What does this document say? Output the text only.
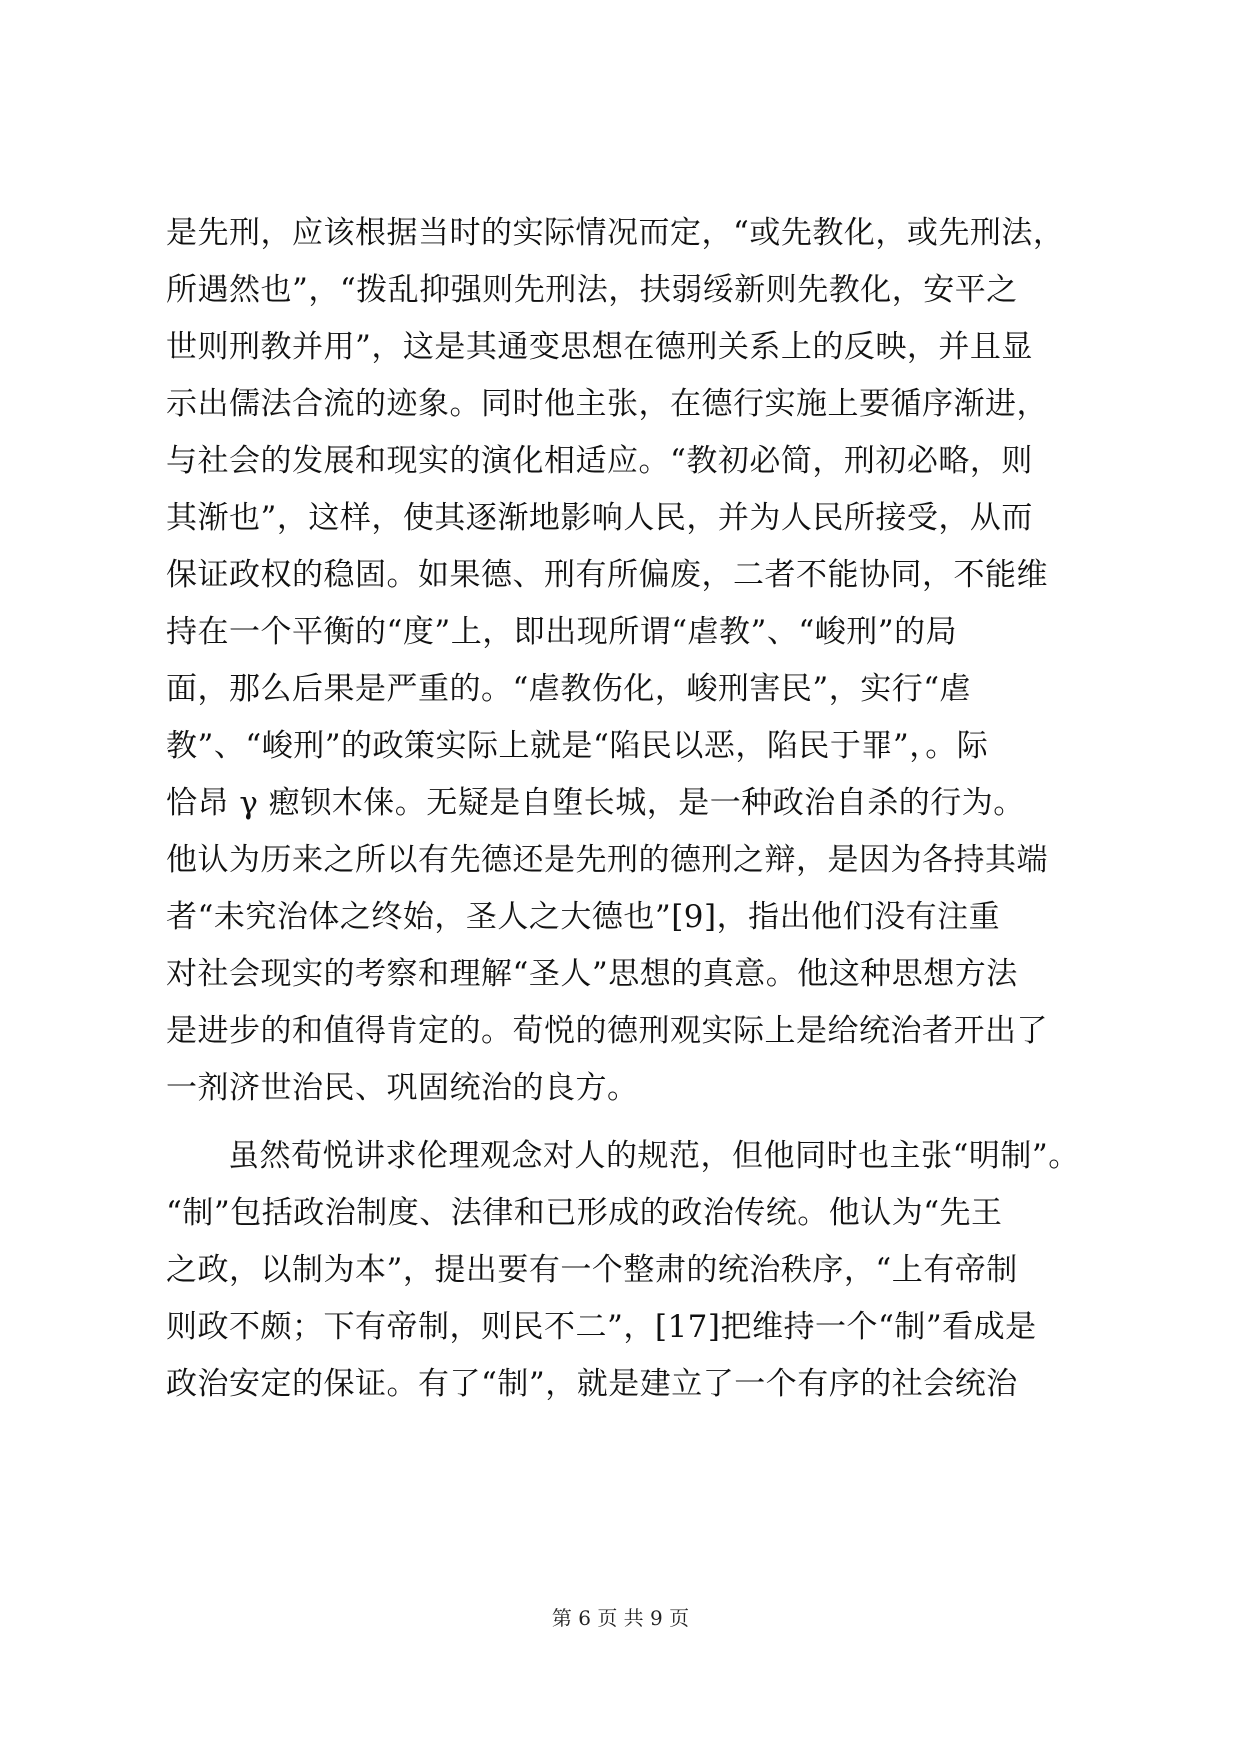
是先刑，应该根据当时的实际情况而定，“或先教化，或先刑法，
所遇然也”，“拨乱抑强则先刑法，扶弱绥新则先教化，安平之
世则刑教并用”，这是其通变思想在德刑关系上的反映，并且显
示出儒法合流的迹象。同时他主张，在德行实施上要循序渐进，
与社会的发展和现实的演化相适应。“教初必简，刑初必略，则
其渐也”，这样，使其逐渐地影响人民，并为人民所接受，从而
保证政权的稳固。如果德、刑有所偏废，二者不能协同，不能维
持在一个平衡的“度”上，即出现所谓“虐教”、“峻刑”的局
面，那么后果是严重的。“虐教伤化，峻刑害民”，实行“虐
教”、“峻刑”的政策实际上就是“陷民以恶，陷民于罪”，。际
恰昂 γ 瘛钡木俫。无疑是自堕长城，是一种政治自杀的行为。
他认为历来之所以有先德还是先刑的德刑之辩，是因为各持其端
者“未究治体之终始，圣人之大德也”[9]，指出他们没有注重
对社会现实的考察和理解“圣人”思想的真意。他这种思想方法
是进步的和值得肯定的。荀悦的德刑观实际上是给统治者开出了
一剂济世治民、巩固统治的良方。
虽然荀悦讲求伦理观念对人的规范，但他同时也主张“明制”。
“制”包括政治制度、法律和已形成的政治传统。他认为“先王
之政，以制为本”，提出要有一个整肃的统治秩序，“上有帝制
则政不颇；下有帝制，则民不二”，[17]把维持一个“制”看成是
政治安定的保证。有了“制”，就是建立了一个有序的社会统治
第 6 页 共 9 页
